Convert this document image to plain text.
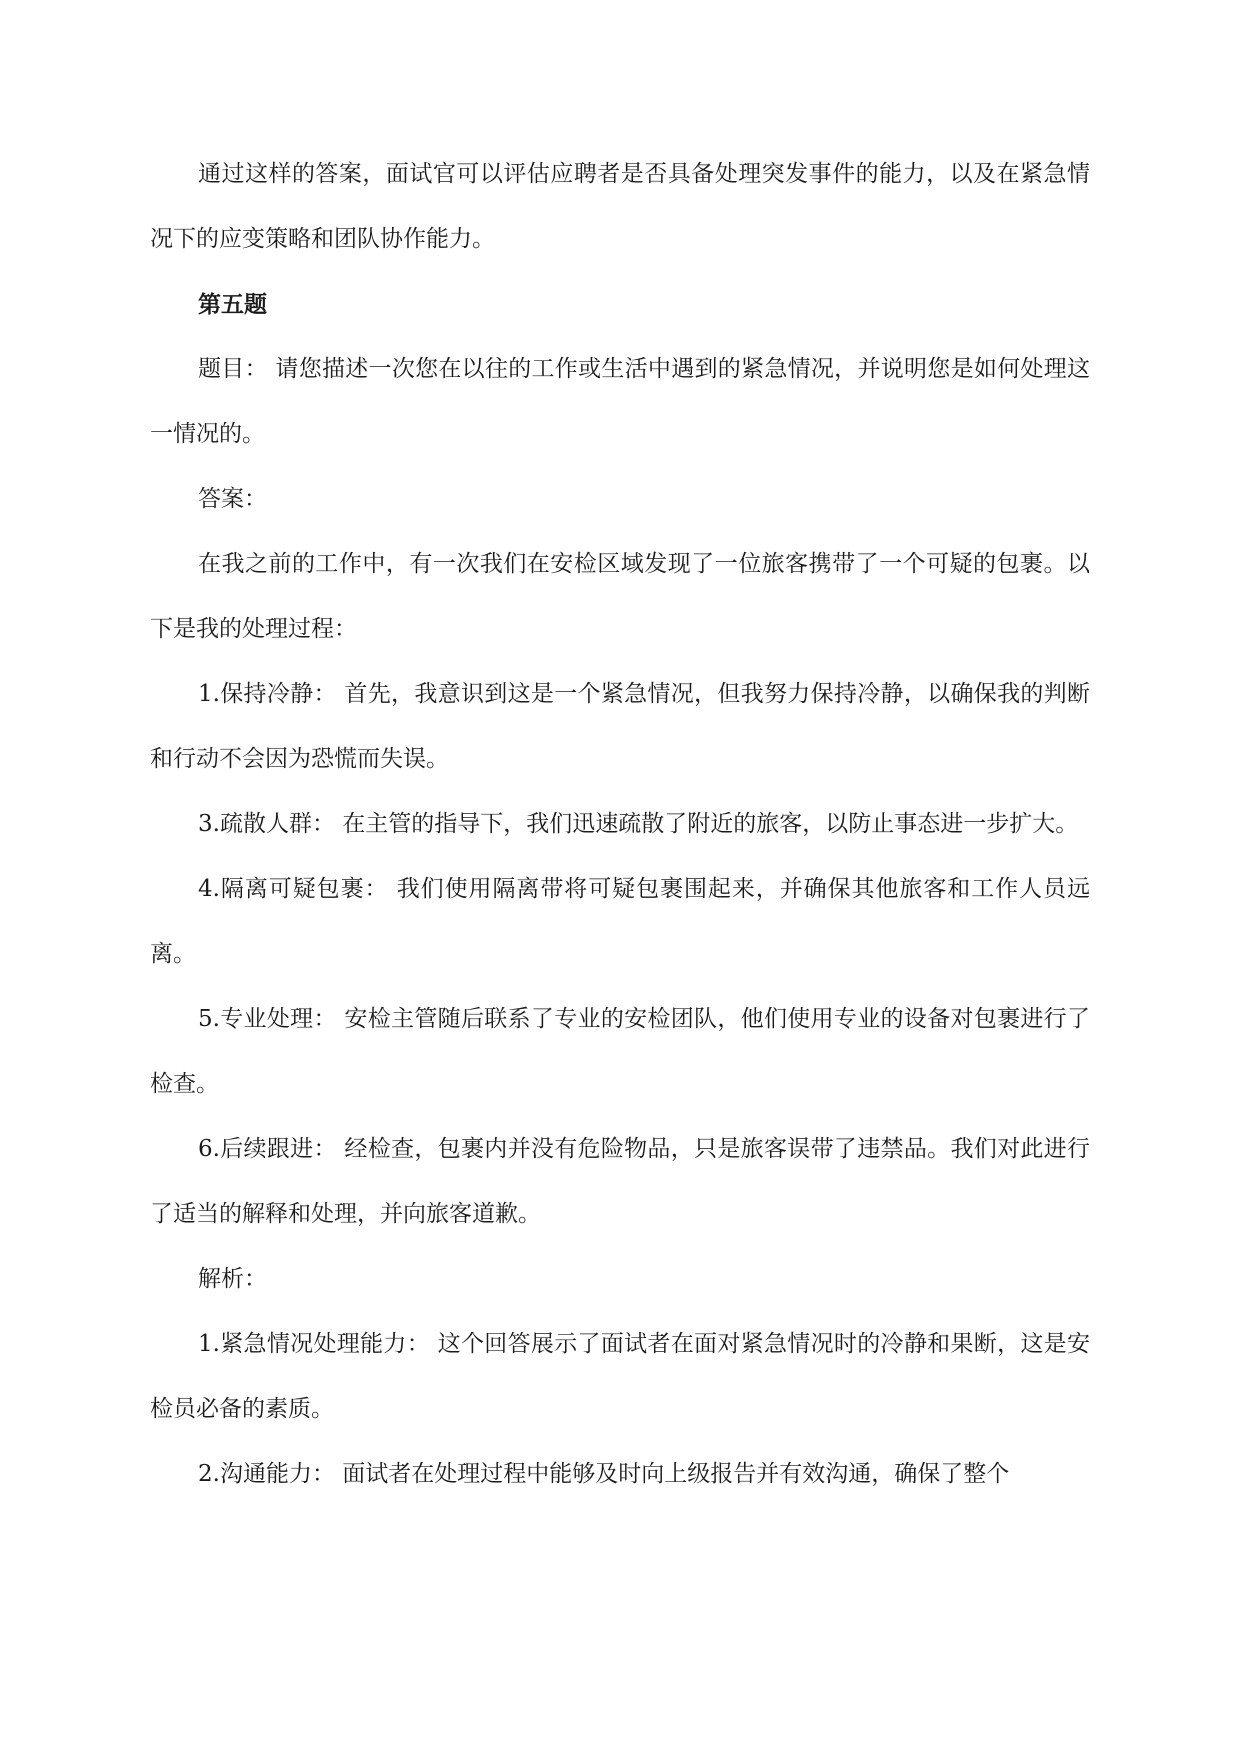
通过这样的答案，面试官可以评估应聘者是否具备处理突发事件的能力，以及在紧急情况下的应变策略和团队协作能力。

第五题

题目： 请您描述一次您在以往的工作或生活中遇到的紧急情况，并说明您是如何处理这一情况的。

答案：

在我之前的工作中，有一次我们在安检区域发现了一位旅客携带了一个可疑的包裹。以下是我的处理过程：

1.保持冷静： 首先，我意识到这是一个紧急情况，但我努力保持冷静，以确保我的判断和行动不会因为恐慌而失误。

3.疏散人群： 在主管的指导下，我们迅速疏散了附近的旅客，以防止事态进一步扩大。

4.隔离可疑包裹： 我们使用隔离带将可疑包裹围起来，并确保其他旅客和工作人员远离。

5.专业处理： 安检主管随后联系了专业的安检团队，他们使用专业的设备对包裹进行了检查。

6.后续跟进： 经检查，包裹内并没有危险物品，只是旅客误带了违禁品。我们对此进行了适当的解释和处理，并向旅客道歉。

解析：

1.紧急情况处理能力： 这个回答展示了面试者在面对紧急情况时的冷静和果断，这是安检员必备的素质。

2.沟通能力： 面试者在处理过程中能够及时向上级报告并有效沟通，确保了整个
